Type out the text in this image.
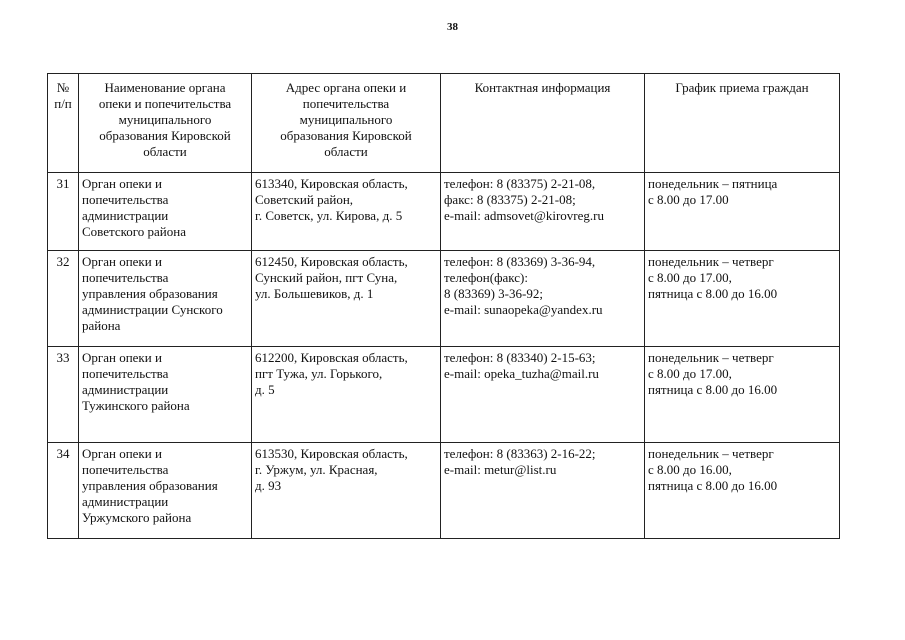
38
№
п/п	Наименование органа
опеки и попечительства
муниципального
образования Кировской
области	Адрес органа опеки и
попечительства
муниципального
образования Кировской
области	Контактная информация	График приема граждан

31	Орган опеки и
попечительства
администрации
Советского района	613340, Кировская область,
Советский район,
г. Советск, ул. Кирова, д. 5	телефон: 8 (83375) 2-21-08,
факс: 8 (83375) 2-21-08;
e-mail: admsovet@kirovreg.ru	понедельник – пятница
с 8.00 до 17.00

32	Орган опеки и
попечительства
управления образования
администрации Сунского
района	612450, Кировская область,
Сунский район, пгт Суна,
ул. Большевиков, д. 1	телефон: 8 (83369) 3-36-94,
телефон(факс):
8 (83369) 3-36-92;
e-mail: sunaopeka@yandex.ru	понедельник – четверг
с 8.00 до 17.00,
пятница с 8.00 до 16.00

33	Орган опеки и
попечительства
администрации
Тужинского района	612200, Кировская область,
пгт Тужа, ул. Горького,
д. 5	телефон: 8 (83340) 2-15-63;
e-mail: opeka_tuzha@mail.ru	понедельник – четверг
с 8.00 до 17.00,
пятница с 8.00 до 16.00

34	Орган опеки и
попечительства
управления образования
администрации
Уржумского района	613530, Кировская область,
г. Уржум, ул. Красная,
д. 93	телефон: 8 (83363) 2-16-22;
e-mail: metur@list.ru	понедельник – четверг
с 8.00 до 16.00,
пятница с 8.00 до 16.00
